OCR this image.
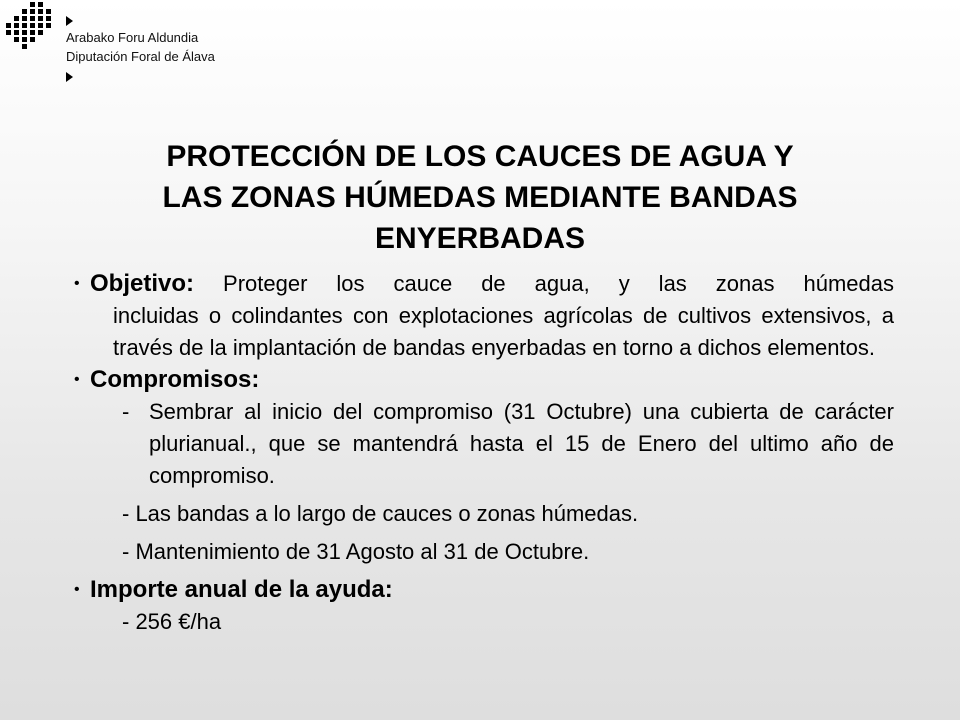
Arabako Foru Aldundia
Diputación Foral de Álava
PROTECCIÓN DE LOS CAUCES DE AGUA Y
LAS ZONAS HÚMEDAS MEDIANTE BANDAS
ENYERBADAS
• Objetivo: Proteger los cauce de agua, y las zonas húmedas
incluidas o colindantes con explotaciones agrícolas de cultivos extensivos, a través de la implantación de bandas enyerbadas en torno a dichos elementos.
• Compromisos:
- Sembrar al inicio del compromiso (31 Octubre) una cubierta de carácter plurianual., que se mantendrá hasta el 15 de Enero del ultimo año de compromiso.
- Las bandas a lo largo de cauces o zonas húmedas.
- Mantenimiento de 31 Agosto al 31 de Octubre.
• Importe anual de la ayuda:
- 256 €/ha
